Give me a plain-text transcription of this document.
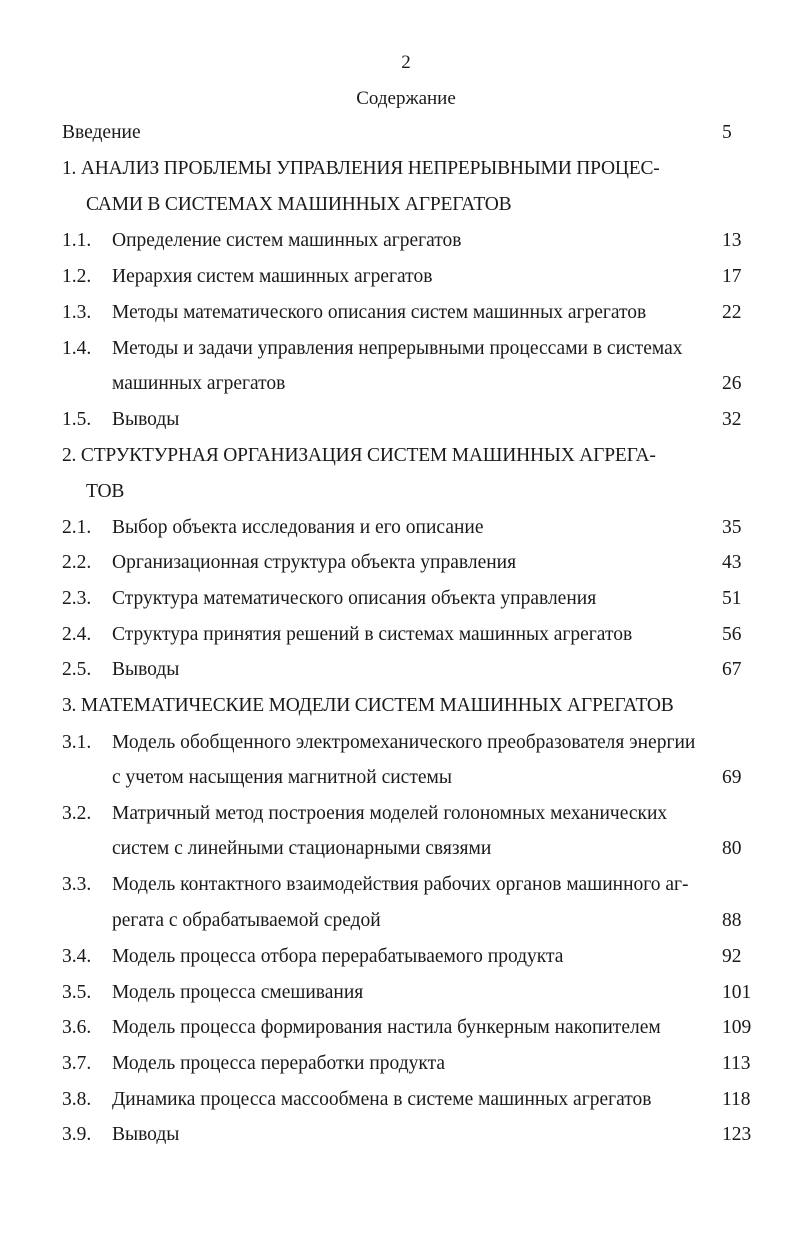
2
Содержание
Введение	5
1. АНАЛИЗ ПРОБЛЕМЫ УПРАВЛЕНИЯ НЕПРЕРЫВНЫМИ ПРОЦЕС-
САМИ В СИСТЕМАХ МАШИННЫХ АГРЕГАТОВ
1.1. Определение систем машинных агрегатов	13
1.2. Иерархия систем машинных агрегатов	17
1.3. Методы математического описания систем машинных агрегатов	22
1.4. Методы и задачи управления непрерывными процессами в системах
машинных агрегатов	26
1.5. Выводы	32
2. СТРУКТУРНАЯ ОРГАНИЗАЦИЯ СИСТЕМ МАШИННЫХ АГРЕГА-
ТОВ
2.1. Выбор объекта исследования и его описание	35
2.2. Организационная структура объекта управления	43
2.3. Структура математического описания объекта управления	51
2.4. Структура принятия решений в системах машинных агрегатов	56
2.5. Выводы	67
3. МАТЕМАТИЧЕСКИЕ МОДЕЛИ СИСТЕМ МАШИННЫХ АГРЕГАТОВ
3.1. Модель обобщенного электромеханического преобразователя энергии
с учетом насыщения магнитной системы	69
3.2. Матричный метод построения моделей голономных механических
систем с линейными стационарными связями	80
3.3. Модель контактного взаимодействия рабочих органов машинного аг-
регата с обрабатываемой средой	88
3.4. Модель процесса отбора перерабатываемого продукта	92
3.5. Модель процесса смешивания	101
3.6. Модель процесса формирования настила бункерным накопителем	109
3.7. Модель процесса переработки продукта	113
3.8. Динамика процесса массообмена в системе машинных агрегатов	118
3.9. Выводы	123
